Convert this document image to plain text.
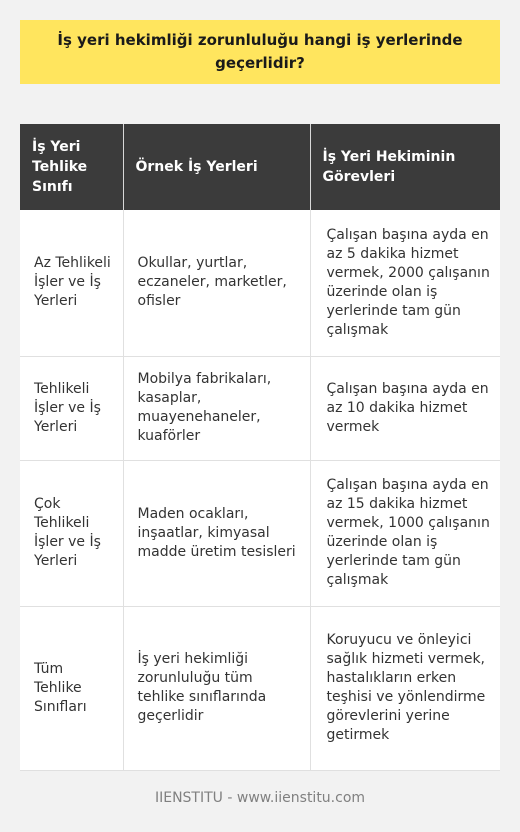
İş yeri hekimliği zorunluluğu hangi iş yerlerinde geçerlidir?
İş Yeri Tehlike Sınıfı	Örnek İş Yerleri	İş Yeri Hekiminin Görevleri
Az Tehlikeli İşler ve İş Yerleri	Okullar, yurtlar, eczaneler, marketler, ofisler	Çalışan başına ayda en az 5 dakika hizmet vermek, 2000 çalışanın üzerinde olan iş yerlerinde tam gün çalışmak
Tehlikeli İşler ve İş Yerleri	Mobilya fabrikaları, kasaplar, muayenehaneler, kuaförler	Çalışan başına ayda en az 10 dakika hizmet vermek
Çok Tehlikeli İşler ve İş Yerleri	Maden ocakları, inşaatlar, kimyasal madde üretim tesisleri	Çalışan başına ayda en az 15 dakika hizmet vermek, 1000 çalışanın üzerinde olan iş yerlerinde tam gün çalışmak
Tüm Tehlike Sınıfları	İş yeri hekimliği zorunluluğu tüm tehlike sınıflarında geçerlidir	Koruyucu ve önleyici sağlık hizmeti vermek, hastalıkların erken teşhisi ve yönlendirme görevlerini yerine getirmek
IIENSTITU - www.iienstitu.com
